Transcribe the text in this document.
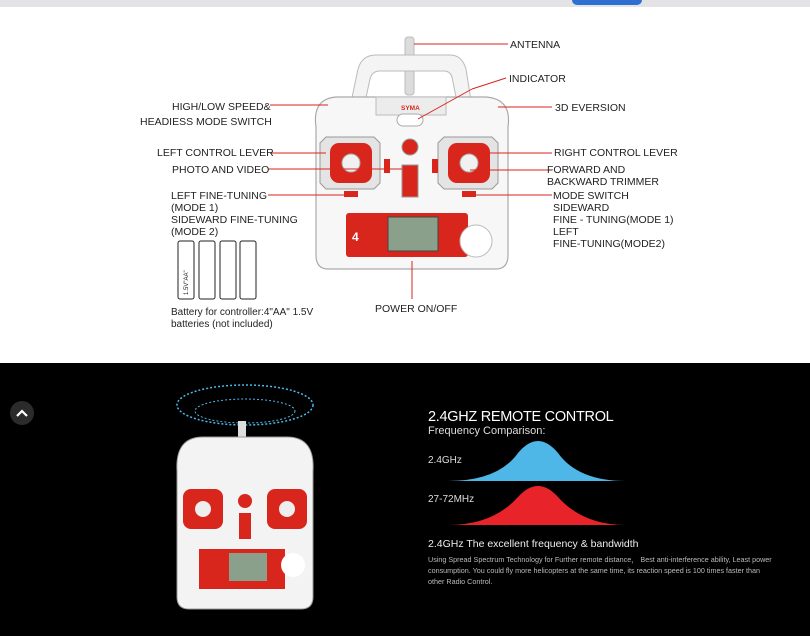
SYMA
4
ANTENNA
INDICATOR
HIGH/LOW SPEED&
HEADIESS MODE SWITCH
3D EVERSION
LEFT CONTROL LEVER	RIGHT CONTROL LEVER
PHOTO AND VIDEO	FORWARD AND
BACKWARD TRIMMER
LEFT FINE-TUNING
(MODE 1)
SIDEWARD FINE-TUNING
(MODE 2)
MODE SWITCH
SIDEWARD
FINE - TUNING(MODE 1)
LEFT
FINE-TUNING(MODE2)
POWER ON/OFF
Battery for controller:4"AA" 1.5V
batteries (not included)
1.5V"AA"
2.4GHZ REMOTE CONTROL
Frequency Comparison:
2.4GHz
27-72MHz
2.4GHz The excellent frequency & bandwidth
Using Spread Spectrum Technology for Further remote distance， Best anti-interference ability, Least power consumption. You could fly more helicopters at the same time, its reaction speed is 100 times faster than other Radio Control.
